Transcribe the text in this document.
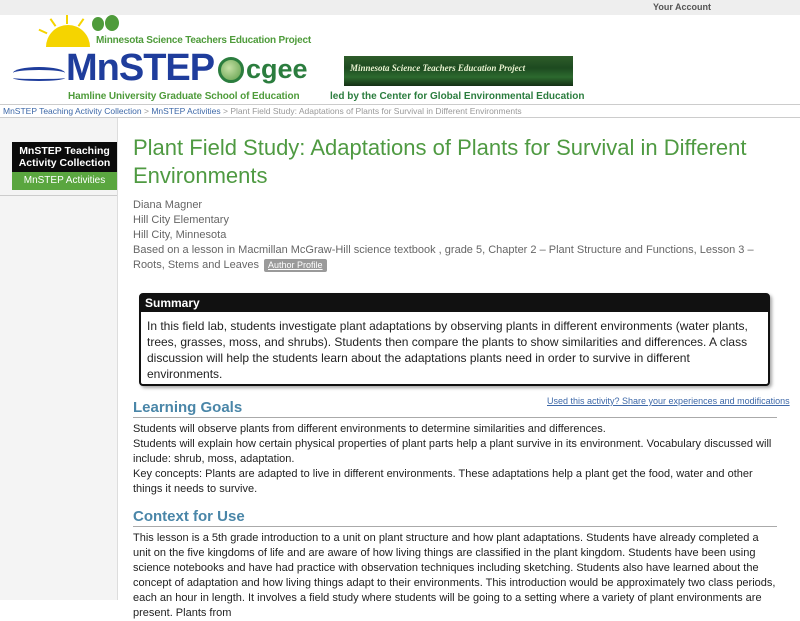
Your Account
Minnesota Science Teachers Education Project
MnSTEP
Hamline University Graduate School of Education
cgee	Minnesota Science Teachers Education Project
led by the Center for Global Environmental Education
MnSTEP Teaching Activity Collection > MnSTEP Activities > Plant Field Study: Adaptations of Plants for Survival in Different Environments
MnSTEP Teaching Activity Collection
MnSTEP Activities
Plant Field Study: Adaptations of Plants for Survival in Different Environments
Diana Magner
Hill City Elementary
Hill City, Minnesota
Based on a lesson in Macmillan McGraw-Hill science textbook , grade 5, Chapter 2 – Plant Structure and Functions, Lesson 3 – Roots, Stems and Leaves Author Profile
Summary
In this field lab, students investigate plant adaptations by observing plants in different environments (water plants, trees, grasses, moss, and shrubs). Students then compare the plants to show similarities and differences. A class discussion will help the students learn about the adaptations plants need in order to survive in different environments.
Used this activity? Share your experiences and modifications
Learning Goals
Students will observe plants from different environments to determine similarities and differences.
Students will explain how certain physical properties of plant parts help a plant survive in its environment. Vocabulary discussed will include: shrub, moss, adaptation.
Key concepts: Plants are adapted to live in different environments. These adaptations help a plant get the food, water and other things it needs to survive.
Context for Use
This lesson is a 5th grade introduction to a unit on plant structure and how plant adaptations. Students have already completed a unit on the five kingdoms of life and are aware of how living things are classified in the plant kingdom. Students have been using science notebooks and have had practice with observation techniques including sketching. Students also have learned about the concept of adaptation and how living things adapt to their environments. This introduction would be approximately two class periods, each an hour in length. It involves a field study where students will be going to a setting where a variety of plant environments are present. Plants from
